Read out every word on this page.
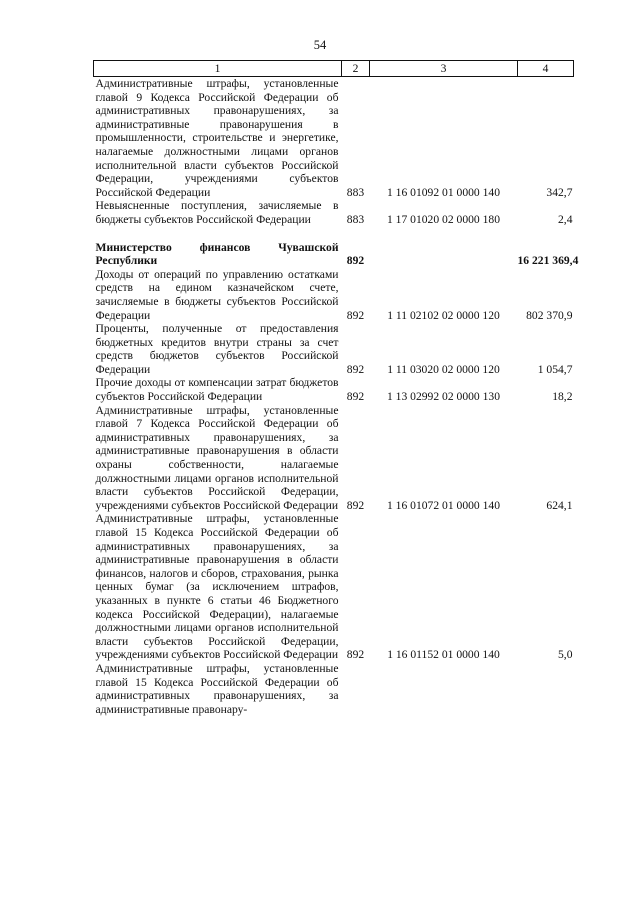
54
1	2	3	4
Административные штрафы, установленные главой 9 Кодекса Российской Федерации об административных правонарушениях, за административные правонарушения в промышленности, строительстве и энергетике, налагаемые должностными лицами органов исполнительной власти субъектов Российской Федерации, учреждениями субъектов Российской Федерации	883	1 16 01092 01 0000 140	342,7
Невыясненные поступления, зачисляемые в бюджеты субъектов Российской Федерации	883	1 17 01020 02 0000 180	2,4

Министерство финансов Чувашской Республики	892		16 221 369,4
Доходы от операций по управлению остатками средств на едином казначейском счете, зачисляемые в бюджеты субъектов Российской Федерации	892	1 11 02102 02 0000 120	802 370,9
Проценты, полученные от предоставления бюджетных кредитов внутри страны за счет средств бюджетов субъектов Российской Федерации	892	1 11 03020 02 0000 120	1 054,7
Прочие доходы от компенсации затрат бюджетов субъектов Российской Федерации	892	1 13 02992 02 0000 130	18,2
Административные штрафы, установленные главой 7 Кодекса Российской Федерации об административных правонарушениях, за административные правонарушения в области охраны собственности, налагаемые должностными лицами органов исполнительной власти субъектов Российской Федерации, учреждениями субъектов Российской Федерации	892	1 16 01072 01 0000 140	624,1
Административные штрафы, установленные главой 15 Кодекса Российской Федерации об административных правонарушениях, за административные правонарушения в области финансов, налогов и сборов, страхования, рынка ценных бумаг (за исключением штрафов, указанных в пункте 6 статьи 46 Бюджетного кодекса Российской Федерации), налагаемые должностными лицами органов исполнительной власти субъектов Российской Федерации, учреждениями субъектов Российской Федерации	892	1 16 01152 01 0000 140	5,0
Административные штрафы, установленные главой 15 Кодекса Российской Федерации об административных правонарушениях, за административные правонару-			
